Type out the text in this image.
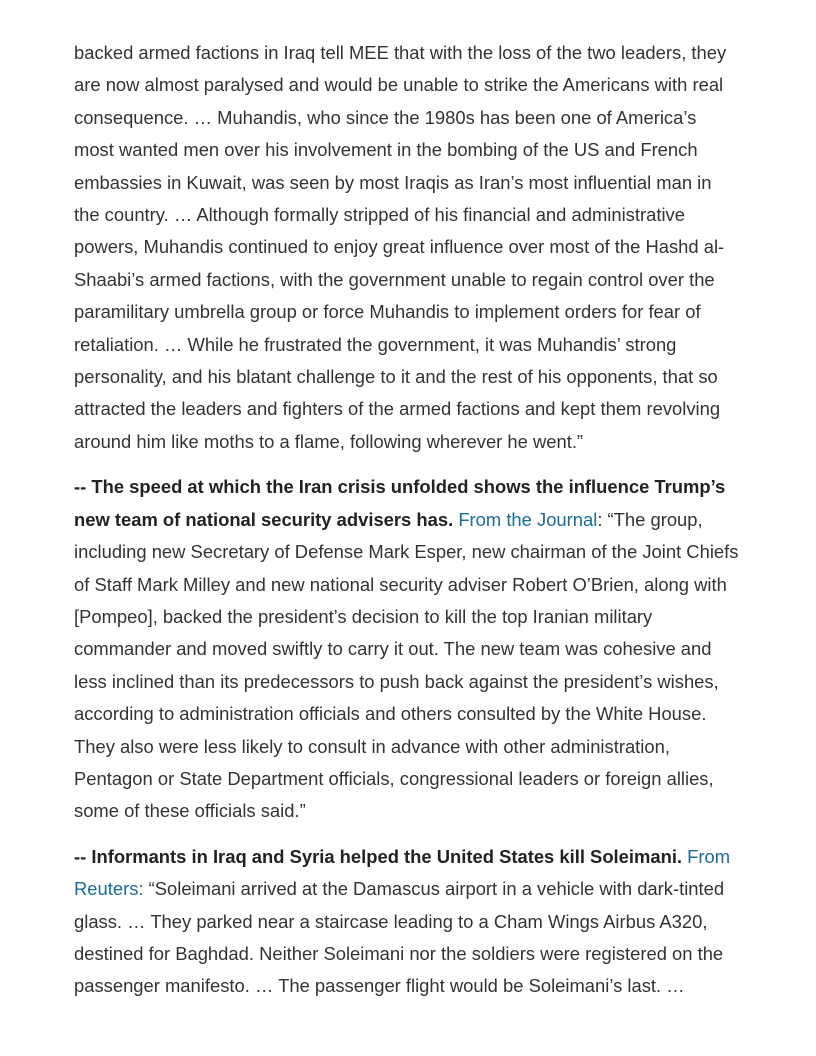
backed armed factions in Iraq tell MEE that with the loss of the two leaders, they are now almost paralysed and would be unable to strike the Americans with real consequence. … Muhandis, who since the 1980s has been one of America’s most wanted men over his involvement in the bombing of the US and French embassies in Kuwait, was seen by most Iraqis as Iran’s most influential man in the country. … Although formally stripped of his financial and administrative powers, Muhandis continued to enjoy great influence over most of the Hashd al-Shaabi’s armed factions, with the government unable to regain control over the paramilitary umbrella group or force Muhandis to implement orders for fear of retaliation. … While he frustrated the government, it was Muhandis’ strong personality, and his blatant challenge to it and the rest of his opponents, that so attracted the leaders and fighters of the armed factions and kept them revolving around him like moths to a flame, following wherever he went.”

-- The speed at which the Iran crisis unfolded shows the influence Trump’s new team of national security advisers has. From the Journal: “The group, including new Secretary of Defense Mark Esper, new chairman of the Joint Chiefs of Staff Mark Milley and new national security adviser Robert O’Brien, along with [Pompeo], backed the president’s decision to kill the top Iranian military commander and moved swiftly to carry it out. The new team was cohesive and less inclined than its predecessors to push back against the president’s wishes, according to administration officials and others consulted by the White House. They also were less likely to consult in advance with other administration, Pentagon or State Department officials, congressional leaders or foreign allies, some of these officials said.”

-- Informants in Iraq and Syria helped the United States kill Soleimani. From Reuters: “Soleimani arrived at the Damascus airport in a vehicle with dark-tinted glass. … They parked near a staircase leading to a Cham Wings Airbus A320, destined for Baghdad. Neither Soleimani nor the soldiers were registered on the passenger manifesto. … The passenger flight would be Soleimani’s last. …
